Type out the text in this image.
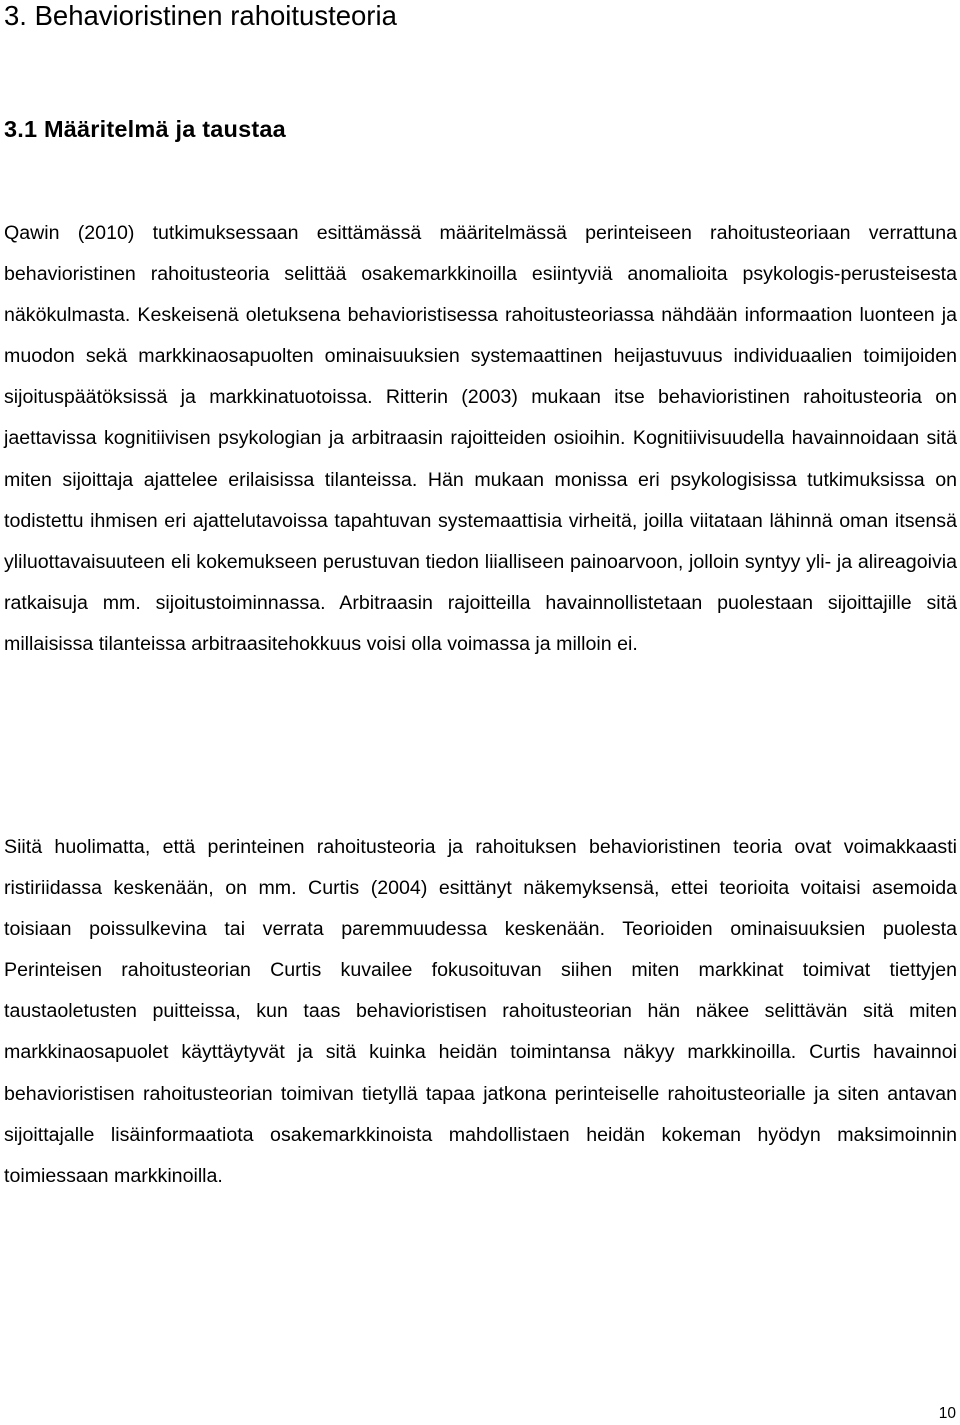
3. Behavioristinen rahoitusteoria
3.1 Määritelmä ja taustaa

Qawin (2010) tutkimuksessaan esittämässä määritelmässä perinteiseen rahoitusteoriaan verrattuna behavioristinen rahoitusteoria selittää osakemarkkinoilla esiintyviä anomalioita psykologis-perusteisesta näkökulmasta. Keskeisenä oletuksena behavioristisessa rahoitusteoriassa nähdään informaation luonteen ja muodon sekä markkinaosapuolten ominaisuuksien systemaattinen heijastuvuus individuaalien toimijoiden sijoituspäätöksissä ja markkinatuotoissa. Ritterin (2003) mukaan itse behavioristinen rahoitusteoria on jaettavissa kognitiivisen psykologian ja arbitraasin rajoitteiden osioihin. Kognitiivisuudella havainnoidaan sitä miten sijoittaja ajattelee erilaisissa tilanteissa. Hän mukaan monissa eri psykologisissa tutkimuksissa on todistettu ihmisen eri ajattelutavoissa tapahtuvan systemaattisia virheitä, joilla viitataan lähinnä oman itsensä yliluottavaisuuteen eli kokemukseen perustuvan tiedon liialliseen painoarvoon, jolloin syntyy yli- ja alireagoivia ratkaisuja mm. sijoitustoiminnassa. Arbitraasin rajoitteilla havainnollistetaan puolestaan sijoittajille sitä millaisissa tilanteissa arbitraasitehokkuus voisi olla voimassa ja milloin ei.

Siitä huolimatta, että perinteinen rahoitusteoria ja rahoituksen behavioristinen teoria ovat voimakkaasti ristiriidassa keskenään, on mm. Curtis (2004) esittänyt näkemyksensä, ettei teorioita voitaisi asemoida toisiaan poissulkevina tai verrata paremmuudessa keskenään. Teorioiden ominaisuuksien puolesta Perinteisen rahoitusteorian Curtis kuvailee fokusoituvan siihen miten markkinat toimivat tiettyjen taustaoletusten puitteissa, kun taas behavioristisen rahoitusteorian hän näkee selittävän sitä miten markkinaosapuolet käyttäytyvät ja sitä kuinka heidän toimintansa näkyy markkinoilla. Curtis havainnoi behavioristisen rahoitusteorian toimivan tietyllä tapaa jatkona perinteiselle rahoitusteorialle ja siten antavan sijoittajalle lisäinformaatiota osakemarkkinoista mahdollistaen heidän kokeman hyödyn maksimoinnin toimiessaan markkinoilla.

10
